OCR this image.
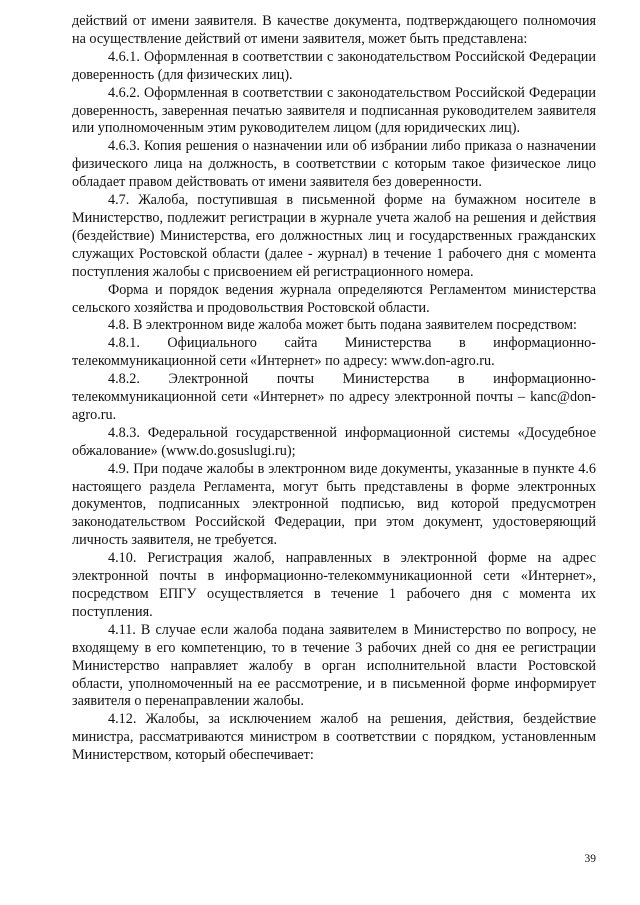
действий от имени заявителя. В качестве документа, подтверждающего полномочия на осуществление действий от имени заявителя, может быть представлена:

4.6.1. Оформленная в соответствии с законодательством Российской Федерации доверенность (для физических лиц).

4.6.2. Оформленная в соответствии с законодательством Российской Федерации доверенность, заверенная печатью заявителя и подписанная руководителем заявителя или уполномоченным этим руководителем лицом (для юридических лиц).

4.6.3. Копия решения о назначении или об избрании либо приказа о назначении физического лица на должность, в соответствии с которым такое физическое лицо обладает правом действовать от имени заявителя без доверенности.

4.7. Жалоба, поступившая в письменной форме на бумажном носителе в Министерство, подлежит регистрации в журнале учета жалоб на решения и действия (бездействие) Министерства, его должностных лиц и государственных гражданских служащих Ростовской области (далее - журнал) в течение 1 рабочего дня с момента поступления жалобы с присвоением ей регистрационного номера.

Форма и порядок ведения журнала определяются Регламентом министерства сельского хозяйства и продовольствия Ростовской области.

4.8. В электронном виде жалоба может быть подана заявителем посредством:

4.8.1. Официального сайта Министерства в информационно-телекоммуникационной сети «Интернет» по адресу: www.don-agro.ru.

4.8.2. Электронной почты Министерства в информационно-телекоммуникационной сети «Интернет» по адресу электронной почты – kanc@don-agro.ru.

4.8.3. Федеральной государственной информационной системы «Досудебное обжалование» (www.do.gosuslugi.ru);

4.9. При подаче жалобы в электронном виде документы, указанные в пункте 4.6 настоящего раздела Регламента, могут быть представлены в форме электронных документов, подписанных электронной подписью, вид которой предусмотрен законодательством Российской Федерации, при этом документ, удостоверяющий личность заявителя, не требуется.

4.10. Регистрация жалоб, направленных в электронной форме на адрес электронной почты в информационно-телекоммуникационной сети «Интернет», посредством ЕПГУ осуществляется в течение 1 рабочего дня с момента их поступления.

4.11. В случае если жалоба подана заявителем в Министерство по вопросу, не входящему в его компетенцию, то в течение 3 рабочих дней со дня ее регистрации Министерство направляет жалобу в орган исполнительной власти Ростовской области, уполномоченный на ее рассмотрение, и в письменной форме информирует заявителя о перенаправлении жалобы.

4.12. Жалобы, за исключением жалоб на решения, действия, бездействие министра, рассматриваются министром в соответствии с порядком, установленным Министерством, который обеспечивает:

39
